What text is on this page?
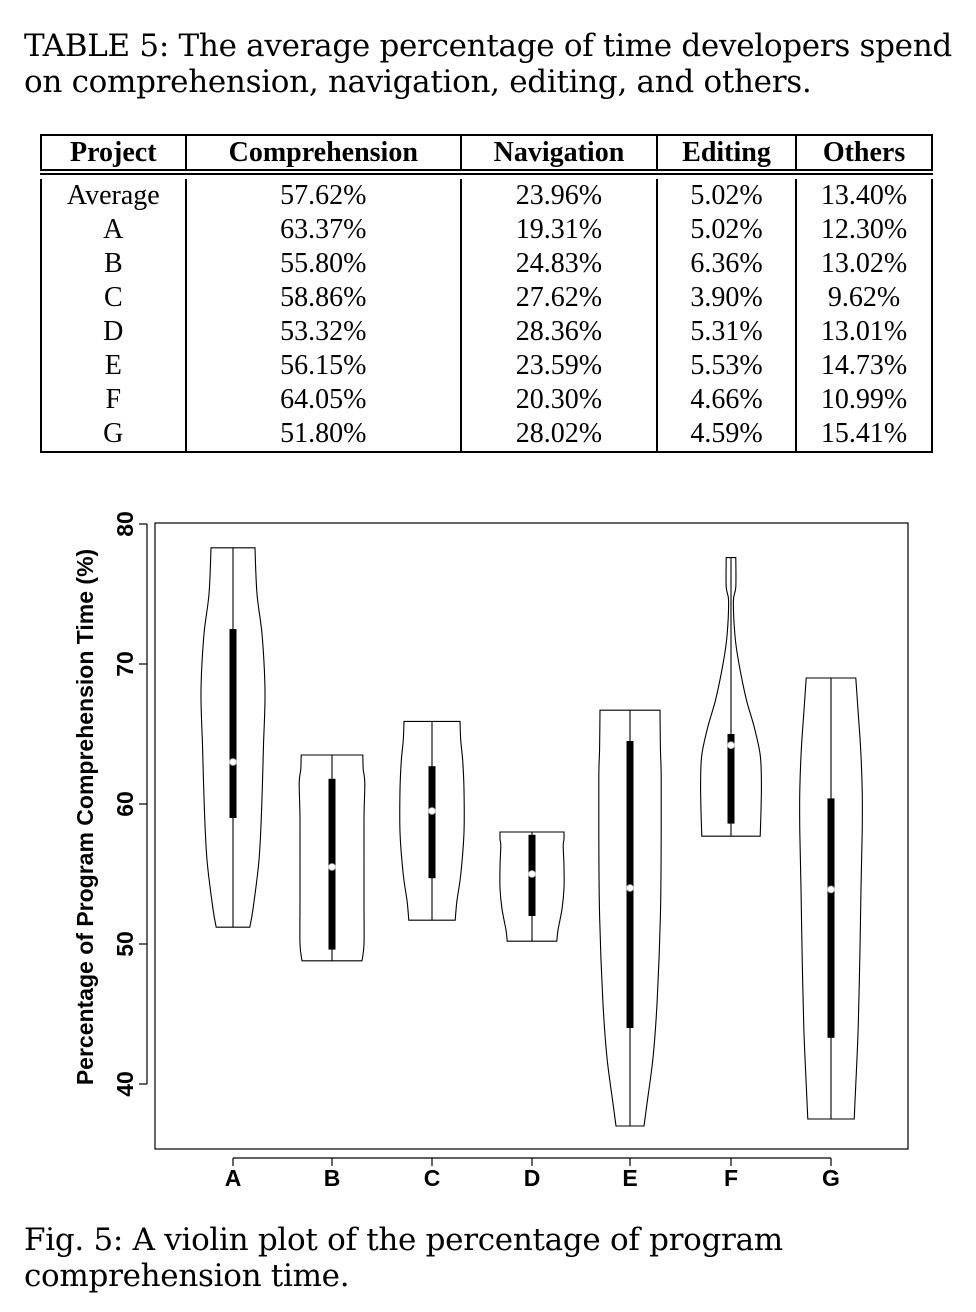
TABLE 5: The average percentage of time developers spend on comprehension, navigation, editing, and others.

Project	Comprehension	Navigation	Editing	Others

Average	57.62%	23.96%	5.02%	13.40%
A	63.37%	19.31%	5.02%	12.30%
B	55.80%	24.83%	6.36%	13.02%
C	58.86%	27.62%	3.90%	9.62%
D	53.32%	28.36%	5.31%	13.01%
E	56.15%	23.59%	5.53%	14.73%
F	64.05%	20.30%	4.66%	10.99%
G	51.80%	28.02%	4.59%	15.41%
40
50
60
70
80
A	B	C	D	E	F	G
Percentage of Program Comprehension Time (%)

Fig. 5: A violin plot of the percentage of program comprehension time.
